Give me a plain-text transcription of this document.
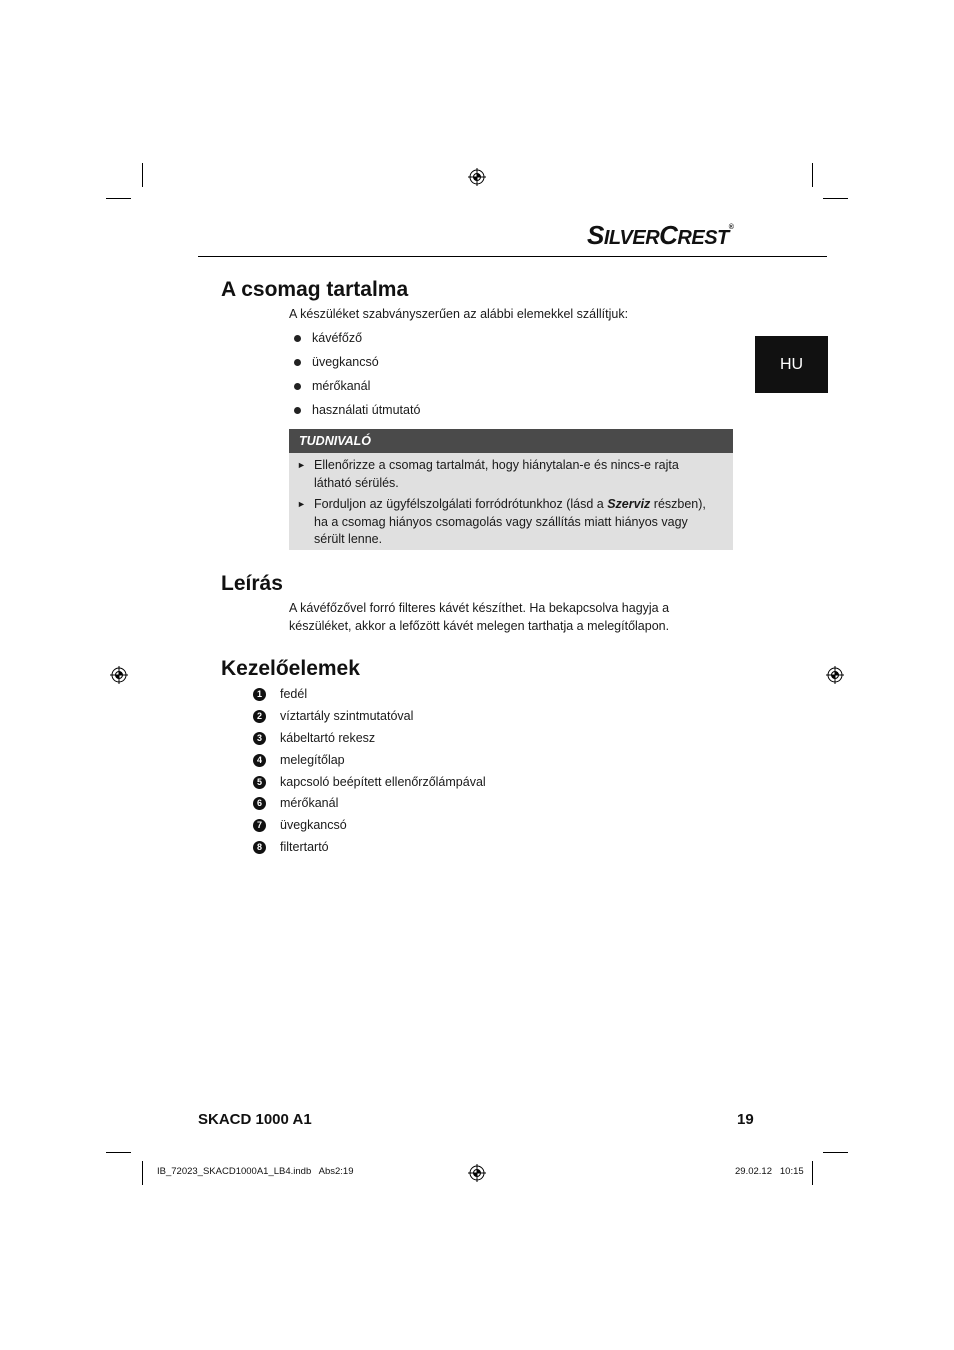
SILVERCREST®
HU
A csomag tartalma
A készüléket szabványszerűen az alábbi elemekkel szállítjuk:
kávéfőző
üvegkancsó
mérőkanál
használati útmutató
TUDNIVALÓ
► Ellenőrizze a csomag tartalmát, hogy hiánytalan-e és nincs-e rajta látható sérülés.
► Forduljon az ügyfélszolgálati forródrótunkhoz (lásd a Szerviz részben), ha a csomag hiányos csomagolás vagy szállítás miatt hiányos vagy sérült lenne.
Leírás
A kávéfőzővel forró filteres kávét készíthet. Ha bekapcsolva hagyja a készüléket, akkor a lefőzött kávét melegen tarthatja a melegítőlapon.
Kezelőelemek
1	fedél
2	víztartály szintmutatóval
3	kábeltartó rekesz
4	melegítőlap
5	kapcsoló beépített ellenőrzőlámpával
6	mérőkanál
7	üvegkancsó
8	filtertartó
SKACD 1000 A1	19
IB_72023_SKACD1000A1_LB4.indb   Abs2:19	29.02.12   10:15
